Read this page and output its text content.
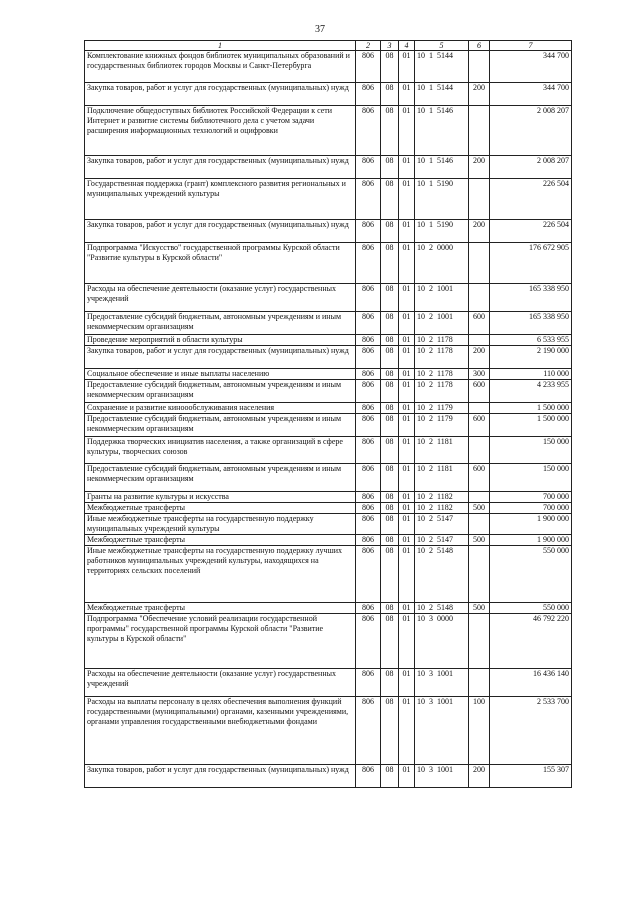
37
1	2	3	4	5	6	7
Комплектование книжных фондов библиотек муниципальных образований и государственных библиотек городов Москвы и Санкт-Петербурга	806	08	01	10  1  5144		344 700
Закупка товаров, работ и услуг для государственных (муниципальных) нужд	806	08	01	10  1  5144	200	344 700
Подключение общедоступных библиотек Российской Федерации к сети Интернет и развитие системы библиотечного дела с учетом задачи расширения информационных технологий и оцифровки	806	08	01	10  1  5146		2 008 207
Закупка товаров, работ и услуг для государственных (муниципальных) нужд	806	08	01	10  1  5146	200	2 008 207
Государственная поддержка (грант) комплексного развития региональных и муниципальных учреждений культуры	806	08	01	10  1  5190		226 504
Закупка товаров, работ и услуг для государственных (муниципальных) нужд	806	08	01	10  1  5190	200	226 504
Подпрограмма "Искусство" государственной программы Курской области "Развитие культуры в Курской области"	806	08	01	10  2  0000		176 672 905
Расходы на обеспечение деятельности (оказание услуг) государственных учреждений	806	08	01	10  2  1001		165 338 950
Предоставление субсидий бюджетным, автономным учреждениям и иным некоммерческим организациям	806	08	01	10  2  1001	600	165 338 950
Проведение мероприятий в области культуры	806	08	01	10  2  1178		6 533 955
Закупка товаров, работ и услуг для государственных (муниципальных) нужд	806	08	01	10  2  1178	200	2 190 000
Социальное обеспечение и иные выплаты населению	806	08	01	10  2  1178	300	110 000
Предоставление субсидий бюджетным, автономным учреждениям и иным некоммерческим организациям	806	08	01	10  2  1178	600	4 233 955
Сохранение и развитие киноообслуживания населения	806	08	01	10  2  1179		1 500 000
Предоставление субсидий бюджетным, автономным учреждениям и иным некоммерческим организациям	806	08	01	10  2  1179	600	1 500 000
Поддержка творческих инициатив населения, а также организаций в сфере культуры, творческих союзов	806	08	01	10  2  1181		150 000
Предоставление субсидий бюджетным, автономным учреждениям и иным некоммерческим организациям	806	08	01	10  2  1181	600	150 000
Гранты на развитие культуры и искусства	806	08	01	10  2  1182		700 000
Межбюджетные трансферты	806	08	01	10  2  1182	500	700 000
Иные межбюджетные трансферты на государственную поддержку муниципальных учреждений культуры	806	08	01	10  2  5147		1 900 000
Межбюджетные трансферты	806	08	01	10  2  5147	500	1 900 000
Иные межбюджетные трансферты на государственную поддержку лучших работников муниципальных учреждений культуры, находящихся на территориях сельских поселений	806	08	01	10  2  5148		550 000
Межбюджетные трансферты	806	08	01	10  2  5148	500	550 000
Подпрограмма "Обеспечение условий реализации государственной программы" государственной программы Курской области "Развитие культуры в Курской области"	806	08	01	10  3  0000		46 792 220
Расходы на обеспечение деятельности (оказание услуг) государственных учреждений	806	08	01	10  3  1001		16 436 140
Расходы на выплаты персоналу в целях обеспечения выполнения функций государственными (муниципальными) органами, казенными учреждениями, органами управления государственными внебюджетными фондами	806	08	01	10  3  1001	100	2 533 700
Закупка товаров, работ и услуг для государственных (муниципальных) нужд	806	08	01	10  3  1001	200	155 307
